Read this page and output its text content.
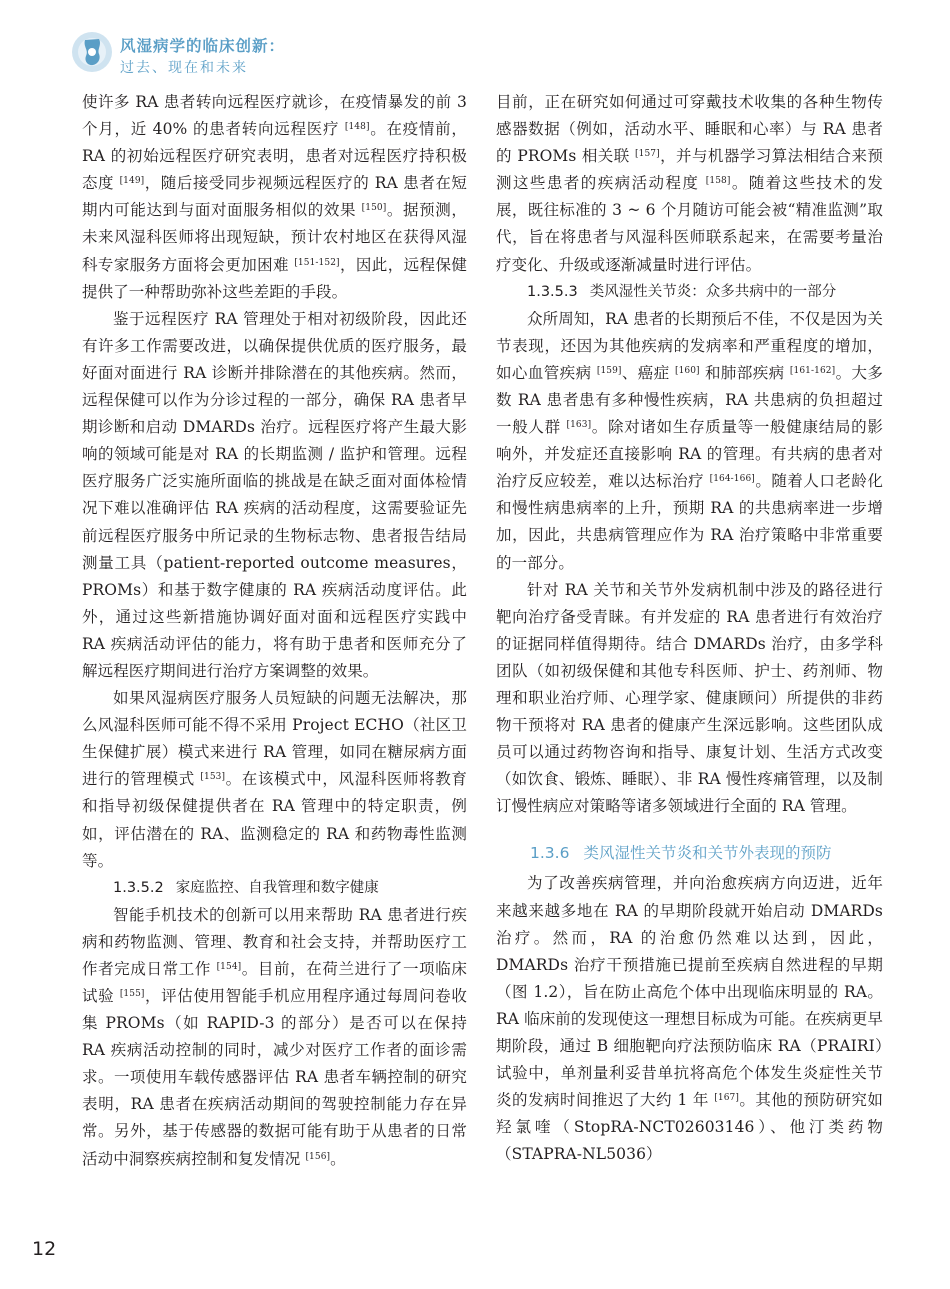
风湿病学的临床创新：
过去、现在和未来

使许多 RA 患者转向远程医疗就诊，在疫情暴发的前 3 个月，近 40% 的患者转向远程医疗 [148]。在疫情前，RA 的初始远程医疗研究表明，患者对远程医疗持积极态度 [149]，随后接受同步视频远程医疗的 RA 患者在短期内可能达到与面对面服务相似的效果 [150]。据预测，未来风湿科医师将出现短缺，预计农村地区在获得风湿科专家服务方面将会更加困难 [151-152]，因此，远程保健提供了一种帮助弥补这些差距的手段。

鉴于远程医疗 RA 管理处于相对初级阶段，因此还有许多工作需要改进，以确保提供优质的医疗服务，最好面对面进行 RA 诊断并排除潜在的其他疾病。然而，远程保健可以作为分诊过程的一部分，确保 RA 患者早期诊断和启动 DMARDs 治疗。远程医疗将产生最大影响的领域可能是对 RA 的长期监测 / 监护和管理。远程医疗服务广泛实施所面临的挑战是在缺乏面对面体检情况下难以准确评估 RA 疾病的活动程度，这需要验证先前远程医疗服务中所记录的生物标志物、患者报告结局测量工具（patient-reported outcome measures，PROMs）和基于数字健康的 RA 疾病活动度评估。此外，通过这些新措施协调好面对面和远程医疗实践中 RA 疾病活动评估的能力，将有助于患者和医师充分了解远程医疗期间进行治疗方案调整的效果。

如果风湿病医疗服务人员短缺的问题无法解决，那么风湿科医师可能不得不采用 Project ECHO（社区卫生保健扩展）模式来进行 RA 管理，如同在糖尿病方面进行的管理模式 [153]。在该模式中，风湿科医师将教育和指导初级保健提供者在 RA 管理中的特定职责，例如，评估潜在的 RA、监测稳定的 RA 和药物毒性监测等。

1.3.5.2 家庭监控、自我管理和数字健康

智能手机技术的创新可以用来帮助 RA 患者进行疾病和药物监测、管理、教育和社会支持，并帮助医疗工作者完成日常工作 [154]。目前，在荷兰进行了一项临床试验 [155]，评估使用智能手机应用程序通过每周问卷收集 PROMs（如 RAPID-3 的部分）是否可以在保持 RA 疾病活动控制的同时，减少对医疗工作者的面诊需求。一项使用车载传感器评估 RA 患者车辆控制的研究表明，RA 患者在疾病活动期间的驾驶控制能力存在异常。另外，基于传感器的数据可能有助于从患者的日常活动中洞察疾病控制和复发情况 [156]。

目前，正在研究如何通过可穿戴技术收集的各种生物传感器数据（例如，活动水平、睡眠和心率）与 RA 患者的 PROMs 相关联 [157]，并与机器学习算法相结合来预测这些患者的疾病活动程度 [158]。随着这些技术的发展，既往标准的 3 ~ 6 个月随访可能会被“精准监测”取代，旨在将患者与风湿科医师联系起来，在需要考量治疗变化、升级或逐渐减量时进行评估。

1.3.5.3 类风湿性关节炎：众多共病中的一部分

众所周知，RA 患者的长期预后不佳，不仅是因为关节表现，还因为其他疾病的发病率和严重程度的增加，如心血管疾病 [159]、癌症 [160] 和肺部疾病 [161-162]。大多数 RA 患者患有多种慢性疾病，RA 共患病的负担超过一般人群 [163]。除对诸如生存质量等一般健康结局的影响外，并发症还直接影响 RA 的管理。有共病的患者对治疗反应较差，难以达标治疗 [164-166]。随着人口老龄化和慢性病患病率的上升，预期 RA 的共患病率进一步增加，因此，共患病管理应作为 RA 治疗策略中非常重要的一部分。

针对 RA 关节和关节外发病机制中涉及的路径进行靶向治疗备受青睐。有并发症的 RA 患者进行有效治疗的证据同样值得期待。结合 DMARDs 治疗，由多学科团队（如初级保健和其他专科医师、护士、药剂师、物理和职业治疗师、心理学家、健康顾问）所提供的非药物干预将对 RA 患者的健康产生深远影响。这些团队成员可以通过药物咨询和指导、康复计划、生活方式改变（如饮食、锻炼、睡眠）、非 RA 慢性疼痛管理，以及制订慢性病应对策略等诸多领域进行全面的 RA 管理。

1.3.6 类风湿性关节炎和关节外表现的预防

为了改善疾病管理，并向治愈疾病方向迈进，近年来越来越多地在 RA 的早期阶段就开始启动 DMARDs 治疗。然而，RA 的治愈仍然难以达到，因此，DMARDs 治疗干预措施已提前至疾病自然进程的早期（图 1.2），旨在防止高危个体中出现临床明显的 RA。RA 临床前的发现使这一理想目标成为可能。在疾病更早期阶段，通过 B 细胞靶向疗法预防临床 RA（PRAIRI）试验中，单剂量利妥昔单抗将高危个体发生炎症性关节炎的发病时间推迟了大约 1 年 [167]。其他的预防研究如羟氯喹（StopRA-NCT02603146）、他汀类药物（STAPRA-NL5036）

12
